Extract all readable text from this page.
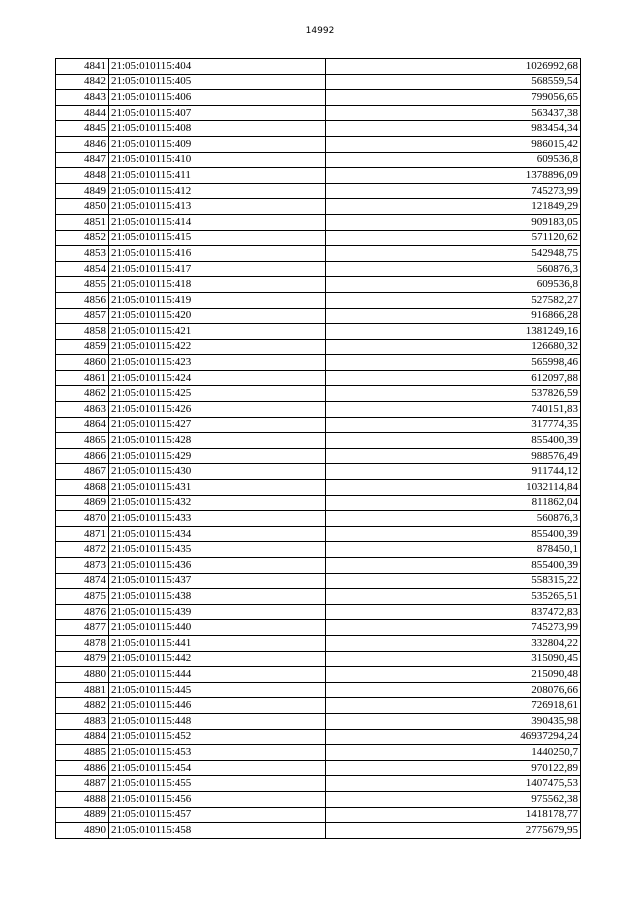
14992
4841	21:05:010115:404	1026992,68
4842	21:05:010115:405	568559,54
4843	21:05:010115:406	799056,65
4844	21:05:010115:407	563437,38
4845	21:05:010115:408	983454,34
4846	21:05:010115:409	986015,42
4847	21:05:010115:410	609536,8
4848	21:05:010115:411	1378896,09
4849	21:05:010115:412	745273,99
4850	21:05:010115:413	121849,29
4851	21:05:010115:414	909183,05
4852	21:05:010115:415	571120,62
4853	21:05:010115:416	542948,75
4854	21:05:010115:417	560876,3
4855	21:05:010115:418	609536,8
4856	21:05:010115:419	527582,27
4857	21:05:010115:420	916866,28
4858	21:05:010115:421	1381249,16
4859	21:05:010115:422	126680,32
4860	21:05:010115:423	565998,46
4861	21:05:010115:424	612097,88
4862	21:05:010115:425	537826,59
4863	21:05:010115:426	740151,83
4864	21:05:010115:427	317774,35
4865	21:05:010115:428	855400,39
4866	21:05:010115:429	988576,49
4867	21:05:010115:430	911744,12
4868	21:05:010115:431	1032114,84
4869	21:05:010115:432	811862,04
4870	21:05:010115:433	560876,3
4871	21:05:010115:434	855400,39
4872	21:05:010115:435	878450,1
4873	21:05:010115:436	855400,39
4874	21:05:010115:437	558315,22
4875	21:05:010115:438	535265,51
4876	21:05:010115:439	837472,83
4877	21:05:010115:440	745273,99
4878	21:05:010115:441	332804,22
4879	21:05:010115:442	315090,45
4880	21:05:010115:444	215090,48
4881	21:05:010115:445	208076,66
4882	21:05:010115:446	726918,61
4883	21:05:010115:448	390435,98
4884	21:05:010115:452	46937294,24
4885	21:05:010115:453	1440250,7
4886	21:05:010115:454	970122,89
4887	21:05:010115:455	1407475,53
4888	21:05:010115:456	975562,38
4889	21:05:010115:457	1418178,77
4890	21:05:010115:458	2775679,95
